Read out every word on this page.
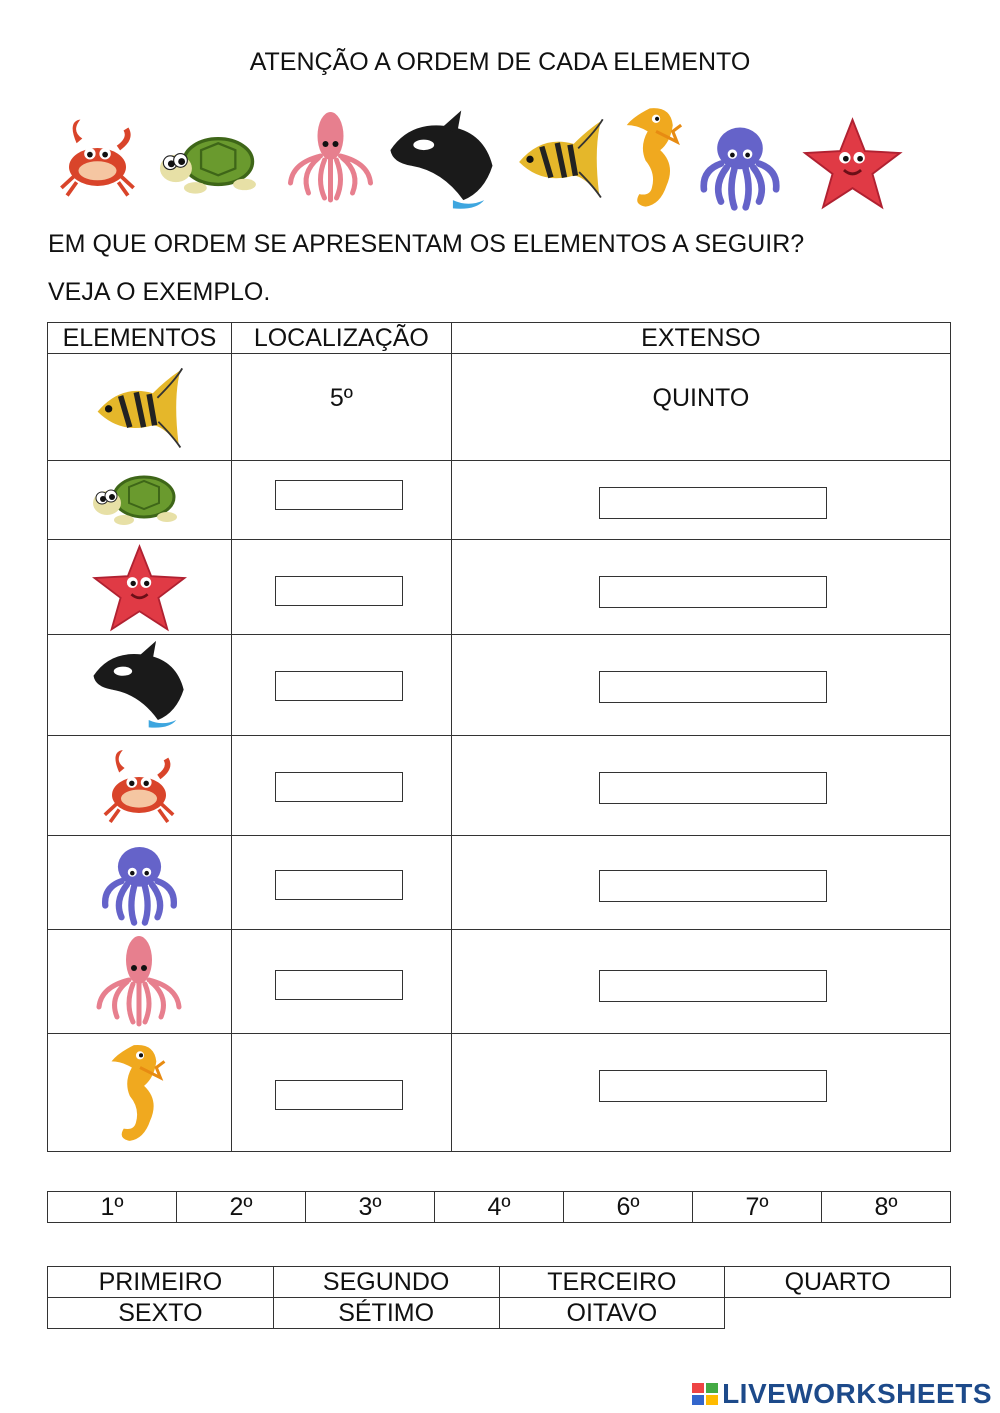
ATENÇÃO A ORDEM DE CADA ELEMENTO
EM QUE ORDEM SE APRESENTAM OS ELEMENTOS A SEGUIR?
VEJA O EXEMPLO.
ELEMENTOS	LOCALIZAÇÃO	EXTENSO

	5º	QUINTO

1º	2º	3º	4º	6º	7º	8º
PRIMEIRO	SEGUNDO	TERCEIRO	QUARTO
SEXTO	SÉTIMO	OITAVO	
LIVEWORKSHEETS
